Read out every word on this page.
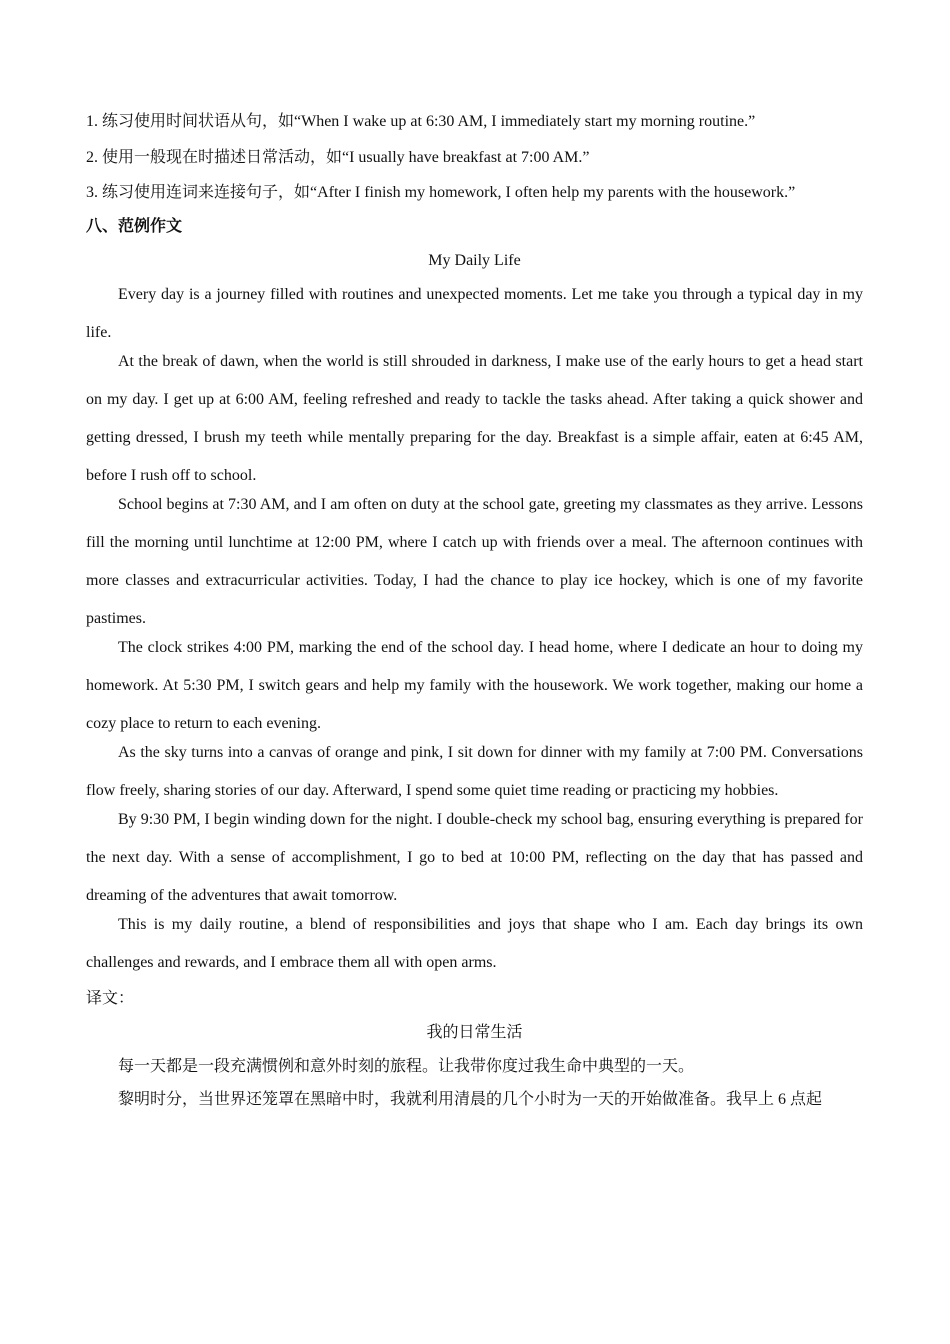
1. 练习使用时间状语从句，如“When I wake up at 6:30 AM, I immediately start my morning routine.”

2. 使用一般现在时描述日常活动，如“I usually have breakfast at 7:00 AM.”

3. 练习使用连词来连接句子，如“After I finish my homework, I often help my parents with the housework.”

八、范例作文

My Daily Life

Every day is a journey filled with routines and unexpected moments. Let me take you through a typical day in my life.

At the break of dawn, when the world is still shrouded in darkness, I make use of the early hours to get a head start on my day. I get up at 6:00 AM, feeling refreshed and ready to tackle the tasks ahead. After taking a quick shower and getting dressed, I brush my teeth while mentally preparing for the day. Breakfast is a simple affair, eaten at 6:45 AM, before I rush off to school.

School begins at 7:30 AM, and I am often on duty at the school gate, greeting my classmates as they arrive. Lessons fill the morning until lunchtime at 12:00 PM, where I catch up with friends over a meal. The afternoon continues with more classes and extracurricular activities. Today, I had the chance to play ice hockey, which is one of my favorite pastimes.

The clock strikes 4:00 PM, marking the end of the school day. I head home, where I dedicate an hour to doing my homework. At 5:30 PM, I switch gears and help my family with the housework. We work together, making our home a cozy place to return to each evening.

As the sky turns into a canvas of orange and pink, I sit down for dinner with my family at 7:00 PM. Conversations flow freely, sharing stories of our day. Afterward, I spend some quiet time reading or practicing my hobbies.

By 9:30 PM, I begin winding down for the night. I double-check my school bag, ensuring everything is prepared for the next day. With a sense of accomplishment, I go to bed at 10:00 PM, reflecting on the day that has passed and dreaming of the adventures that await tomorrow.

This is my daily routine, a blend of responsibilities and joys that shape who I am. Each day brings its own challenges and rewards, and I embrace them all with open arms.

译文：

我的日常生活

每一天都是一段充满惯例和意外时刻的旅程。让我带你度过我生命中典型的一天。

黎明时分，当世界还笼罩在黑暗中时，我就利用清晨的几个小时为一天的开始做准备。我早上 6 点起
